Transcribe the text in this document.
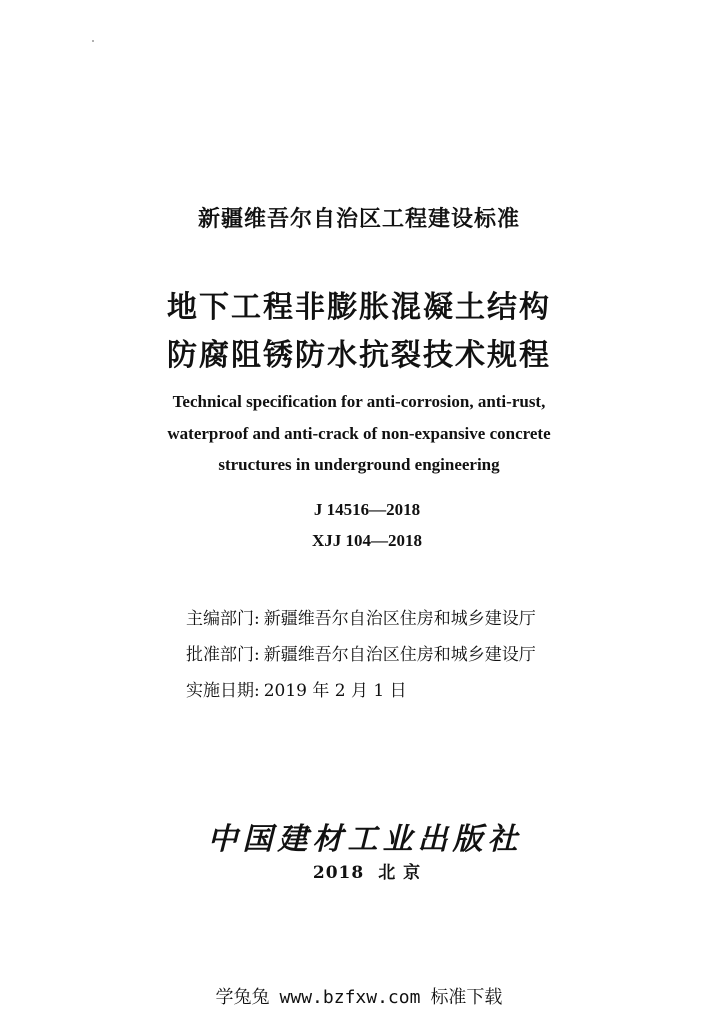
新疆维吾尔自治区工程建设标准
地下工程非膨胀混凝土结构
防腐阻锈防水抗裂技术规程
Technical specification for anti-corrosion, anti-rust,
waterproof and anti-crack of non-expansive concrete
structures in underground engineering
J 14516—2018
XJJ 104—2018
主编部门: 新疆维吾尔自治区住房和城乡建设厅
批准部门: 新疆维吾尔自治区住房和城乡建设厅
实施日期: 2019 年 2 月 1 日
中国建材工业出版社
2018 北 京
学兔兔 www.bzfxw.com 标准下载
